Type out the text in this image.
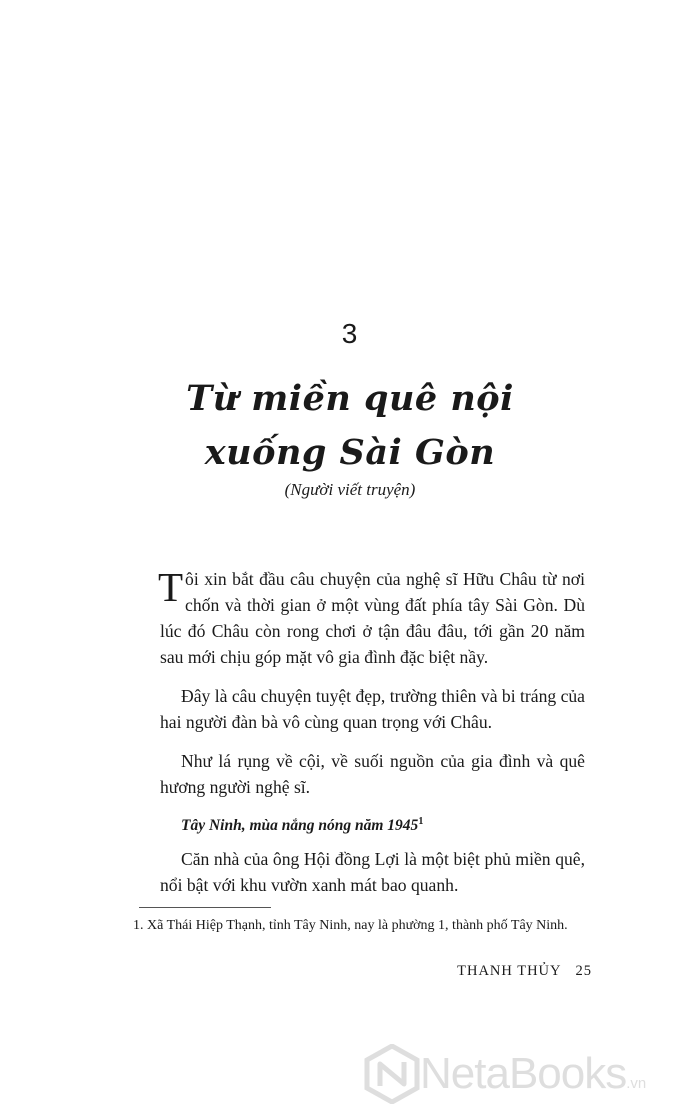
3
Từ miền quê nội
xuống Sài Gòn
(Người viết truyện)

Tôi xin bắt đầu câu chuyện của nghệ sĩ Hữu Châu từ nơi chốn và thời gian ở một vùng đất phía tây Sài Gòn. Dù lúc đó Châu còn rong chơi ở tận đâu đâu, tới gần 20 năm sau mới chịu góp mặt vô gia đình đặc biệt nầy.

Đây là câu chuyện tuyệt đẹp, trường thiên và bi tráng của hai người đàn bà vô cùng quan trọng với Châu.

Như lá rụng về cội, về suối nguồn của gia đình và quê hương người nghệ sĩ.

Tây Ninh, mùa nắng nóng năm 1945$^1$

Căn nhà của ông Hội đồng Lợi là một biệt phủ miền quê, nổi bật với khu vườn xanh mát bao quanh.

1. Xã Thái Hiệp Thạnh, tỉnh Tây Ninh, nay là phường 1, thành phố Tây Ninh.
THANH THỦY 25
NetaBooks .vn
